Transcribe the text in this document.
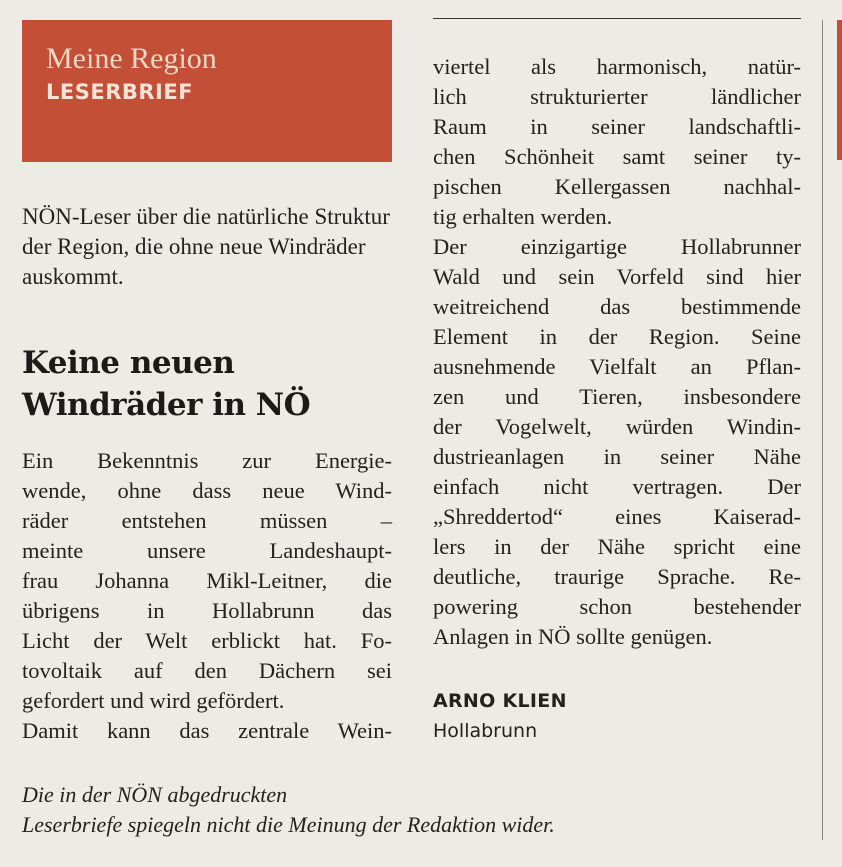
Meine Region
LESERBRIEF
NÖN-Leser über die natürliche Struktur der Region, die ohne neue Windräder auskommt.
Keine neuen
Windräder in NÖ
Ein Bekenntnis zur Energie-
wende, ohne dass neue Wind-
räder entstehen müssen –
meinte unsere Landeshaupt-
frau Johanna Mikl-Leitner, die
übrigens in Hollabrunn das
Licht der Welt erblickt hat. Fo-
tovoltaik auf den Dächern sei
gefordert und wird gefördert.
Damit kann das zentrale Wein-
viertel als harmonisch, natür-
lich strukturierter ländlicher
Raum in seiner landschaftli-
chen Schönheit samt seiner ty-
pischen Kellergassen nachhal-
tig erhalten werden.
Der einzigartige Hollabrunner
Wald und sein Vorfeld sind hier
weitreichend das bestimmende
Element in der Region. Seine
ausnehmende Vielfalt an Pflan-
zen und Tieren, insbesondere
der Vogelwelt, würden Windin-
dustrieanlagen in seiner Nähe
einfach nicht vertragen. Der
„Shreddertod“ eines Kaiserad-
lers in der Nähe spricht eine
deutliche, traurige Sprache. Re-
powering schon bestehender
Anlagen in NÖ sollte genügen.
ARNO KLIEN
Hollabrunn
Die in der NÖN abgedruckten
Leserbriefe spiegeln nicht die Meinung der Redaktion wider.
